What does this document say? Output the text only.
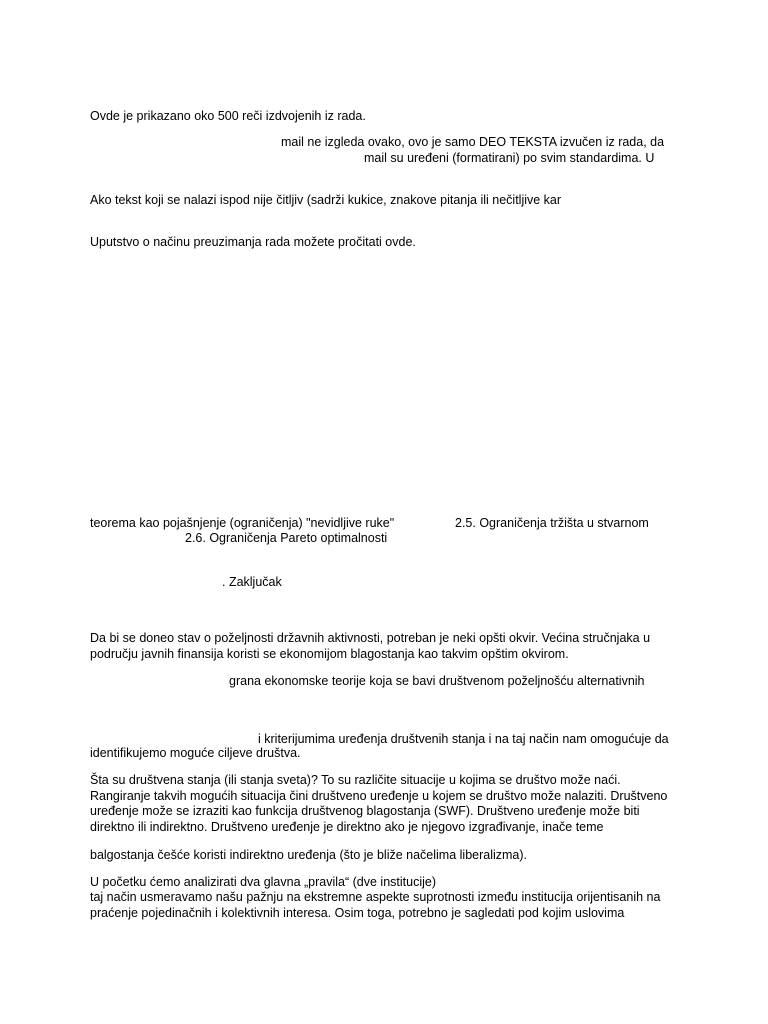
Ovde je prikazano oko 500 reči izdvojenih iz rada.
mail ne izgleda ovako, ovo je samo DEO TEKSTA izvučen iz rada, da
mail su uređeni (formatirani) po svim standardima. U
Ako tekst koji se nalazi ispod nije čitljiv (sadrži kukice, znakove pitanja ili nečitljive kar
Uputstvo o načinu preuzimanja rada možete pročitati ovde.
teorema kao pojašnjenje (ograničenja) "nevidljive ruke"	2.5. Ograničenja tržišta u stvarnom
2.6. Ograničenja Pareto optimalnosti
. Zaključak
Da bi se doneo stav o poželjnosti državnih aktivnosti, potreban je neki opšti okvir. Većina stručnjaka u
području javnih finansija koristi se ekonomijom blagostanja kao takvim opštim okvirom.
grana ekonomske teorije koja se bavi društvenom poželjnošću alternativnih
i kriterijumima uređenja društvenih stanja i na taj način nam omogućuje da
identifikujemo moguće ciljeve društva.
Šta su društvena stanja (ili stanja sveta)? To su različite situacije u kojima se društvo može naći.
Rangiranje takvih mogućih situacija čini društveno uređenje u kojem se društvo može nalaziti. Društveno
uređenje može se izraziti kao funkcija društvenog blagostanja (SWF). Društveno uređenje može biti
direktno ili indirektno. Društveno uređenje je direktno ako je njegovo izgrađivanje, inače teme
balgostanja češće koristi indirektno uređenja (što je bliže načelima liberalizma).
U početku ćemo analizirati dva glavna „pravila“ (dve institucije)
taj način usmeravamo našu pažnju na ekstremne aspekte suprotnosti između institucija orijentisanih na
praćenje pojedinačnih i kolektivnih interesa. Osim toga, potrebno je sagledati pod kojim uslovima
